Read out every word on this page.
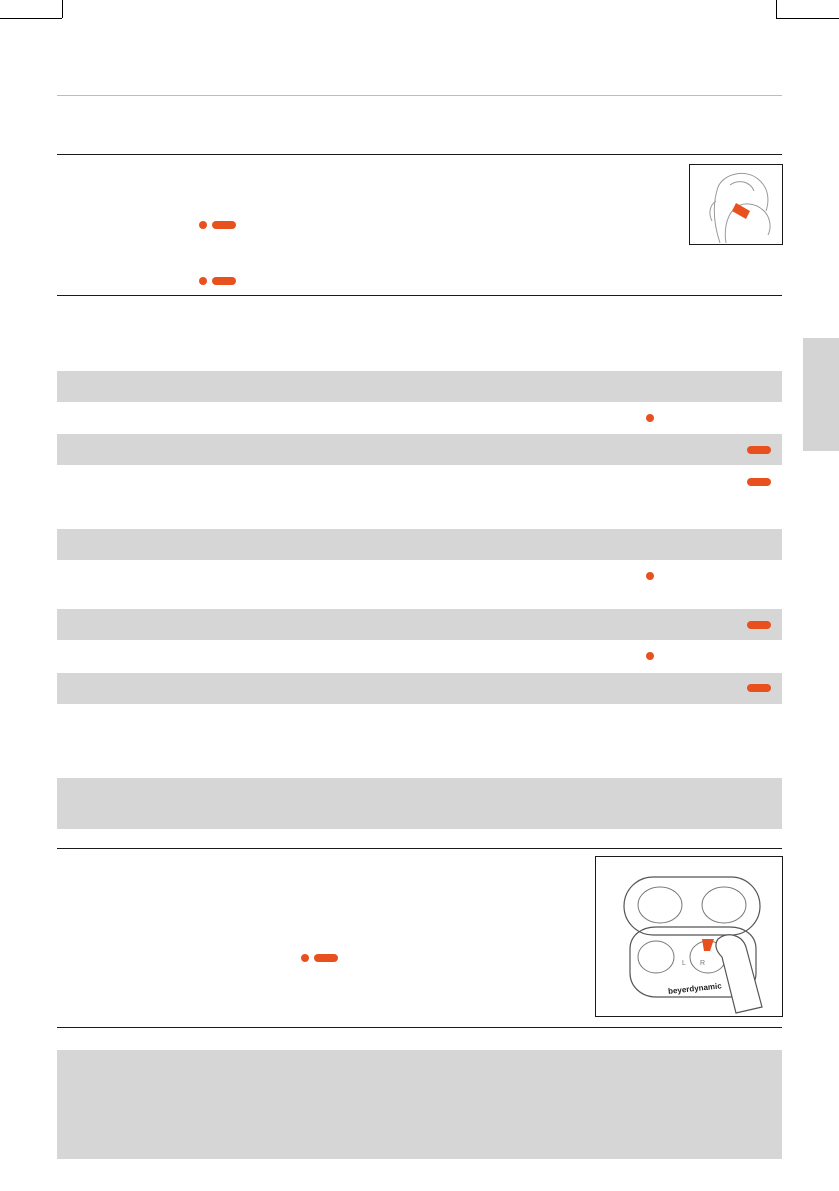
L R
beyerdynamic
